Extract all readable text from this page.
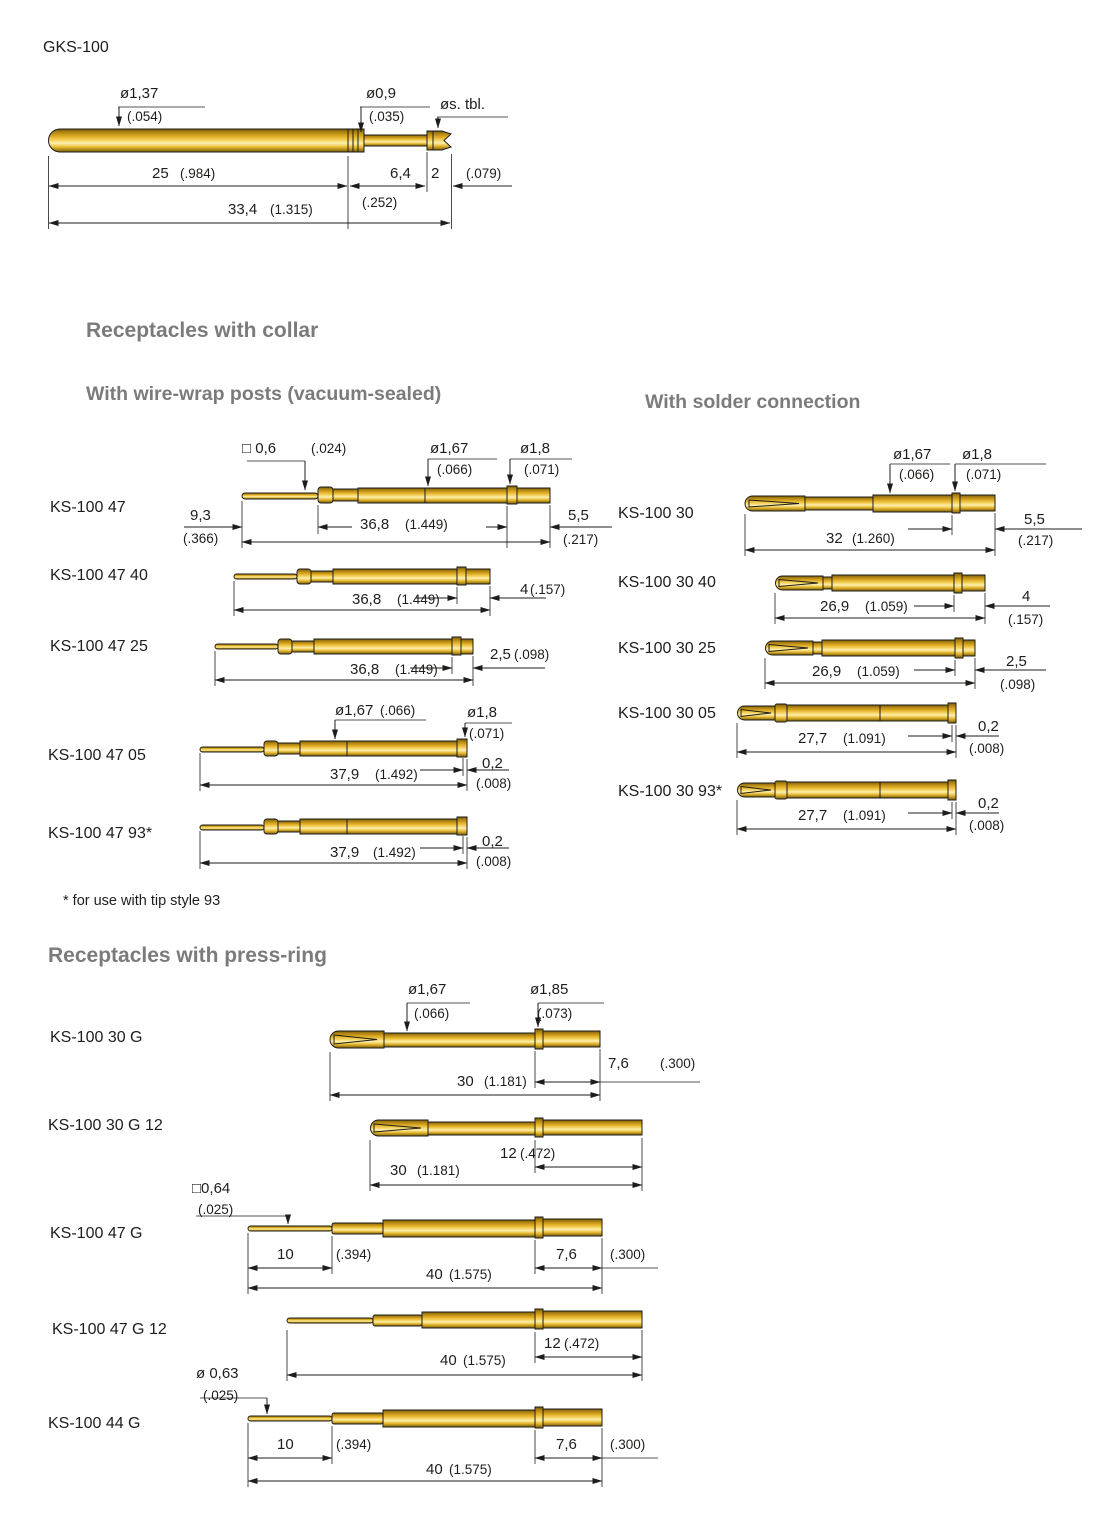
GKS-100
ø1,37
(.054)
ø0,9
(.035)
øs. tbl.
25 (.984)	6,4
(.252)
2 (.079)
33,4 (1.315)
Receptacles with collar
With wire-wrap posts (vacuum-sealed)	With solder connection
Receptacles with press-ring
* for use with tip style 93
KS-100 47
□ 0,6	(.024)	ø1,67
(.066)
ø1,8
(.071)
9,3
(.366)
36,8 (1.449)
5,5
(.217)
KS-100 47 40
36,8 (1.449)
4 (.157)
KS-100 47 25
36,8 (1.449)
2,5 (.098)
KS-100 47 05
ø1,67 (.066)	ø1,8
(.071)
37,9 (1.492)
0,2
(.008)
KS-100 47 93*
37,9 (1.492)
0,2
(.008)
KS-100 30
ø1,67
(.066)
ø1,8
(.071)
32 (1.260)
5,5
(.217)
KS-100 30 40
26,9 (1.059)
4
(.157)
KS-100 30 25
26,9 (1.059)
2,5
(.098)
KS-100 30 05
27,7 (1.091)
0,2
(.008)
KS-100 30 93*
27,7 (1.091)
0,2
(.008)
KS-100 30 G
ø1,67
(.066)
ø1,85
(.073)
30 (1.181)
7,6 (.300)
KS-100 30 G 12
30 (1.181)
12 (.472)
KS-100 47 G
□0,64
(.025)
10	(.394)
40 (1.575)
7,6 (.300)
KS-100 47 G 12
40 (1.575)
12 (.472)
KS-100 44 G
ø 0,63
(.025)
10	(.394)
40 (1.575)
7,6 (.300)
